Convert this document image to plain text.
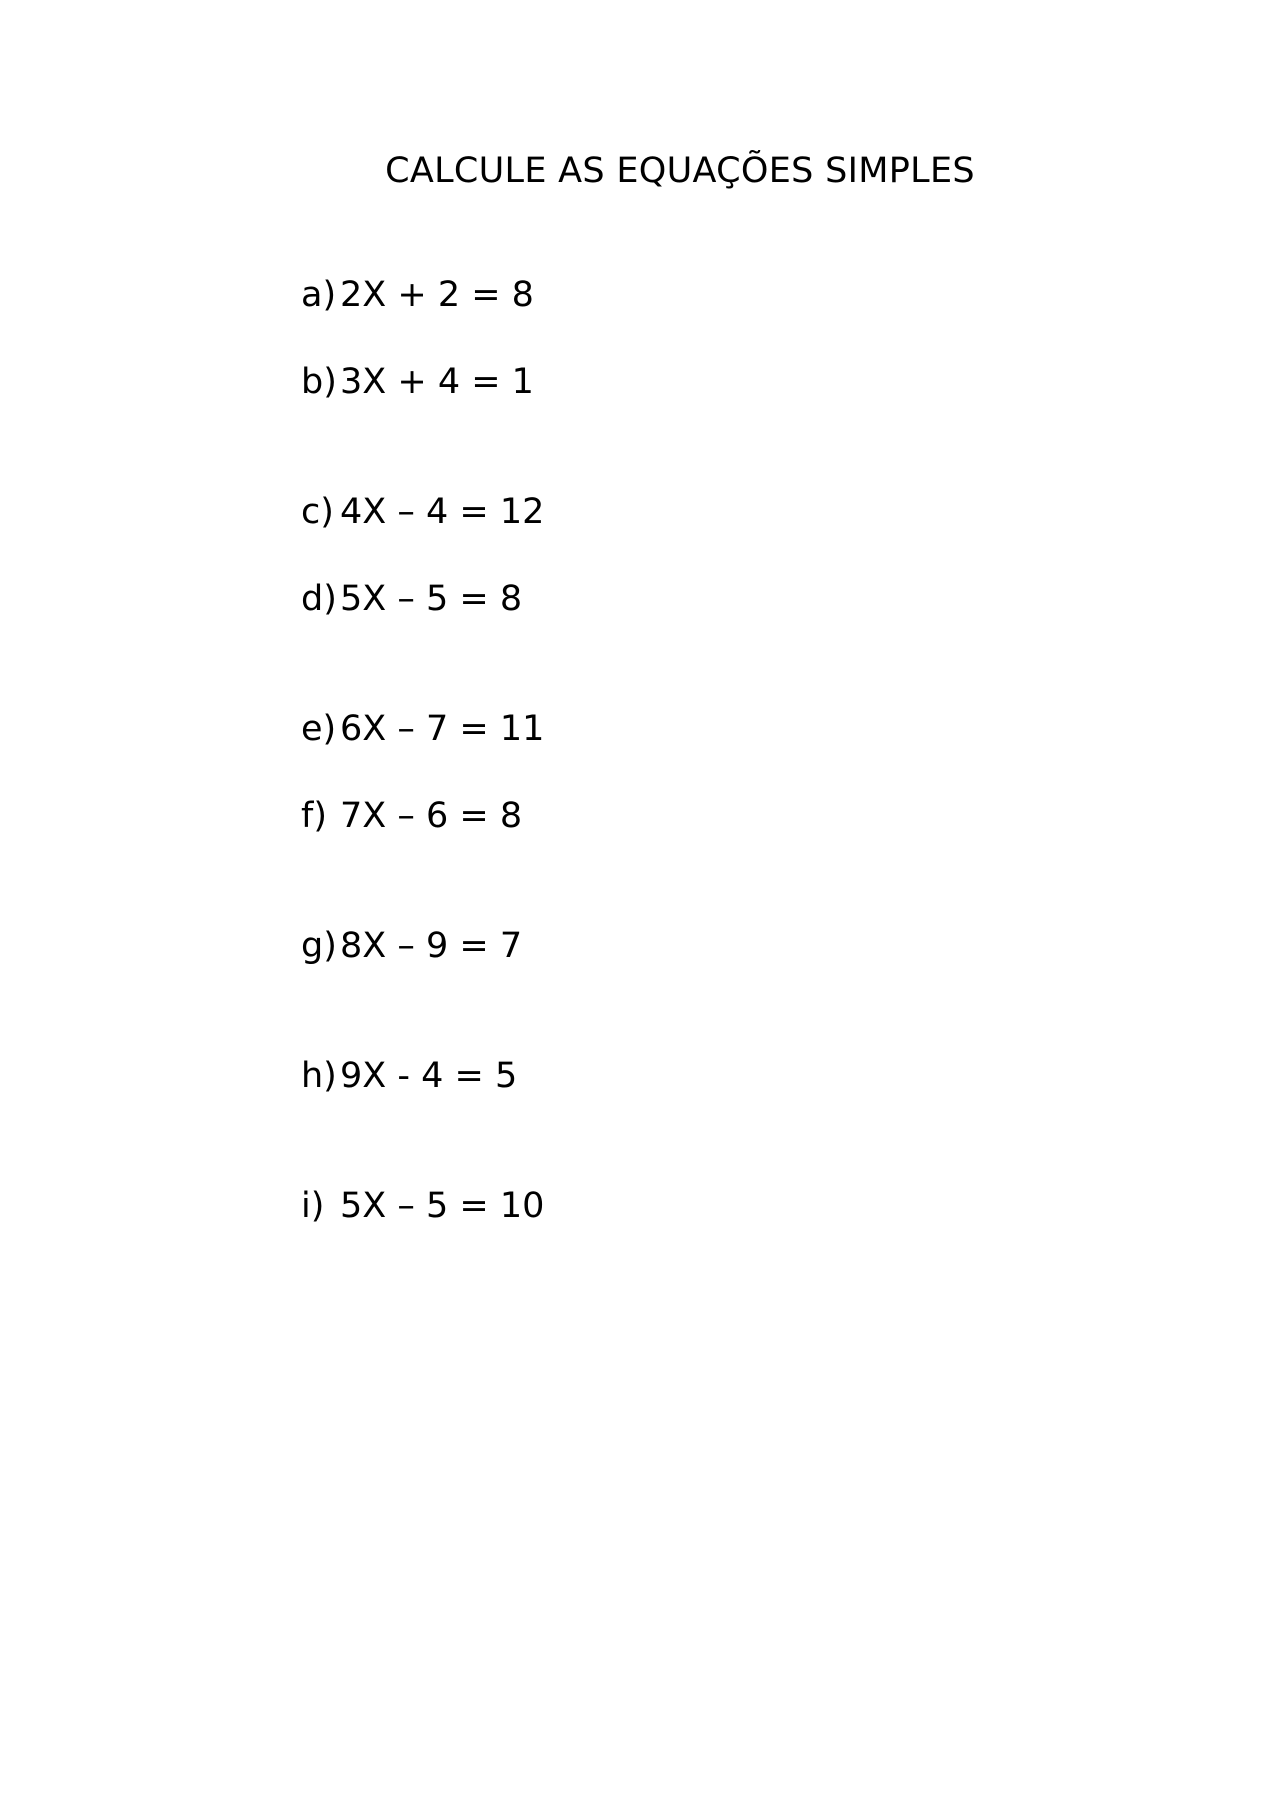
CALCULE AS EQUAÇÕES SIMPLES
a) 2X + 2 = 8
b)3X + 4 = 1
c) 4X – 4 = 12
d)5X – 5 = 8
e) 6X – 7 = 11
f) 7X – 6 = 8
g)8X – 9 = 7
h)9X - 4 = 5
i) 5X – 5 = 10
